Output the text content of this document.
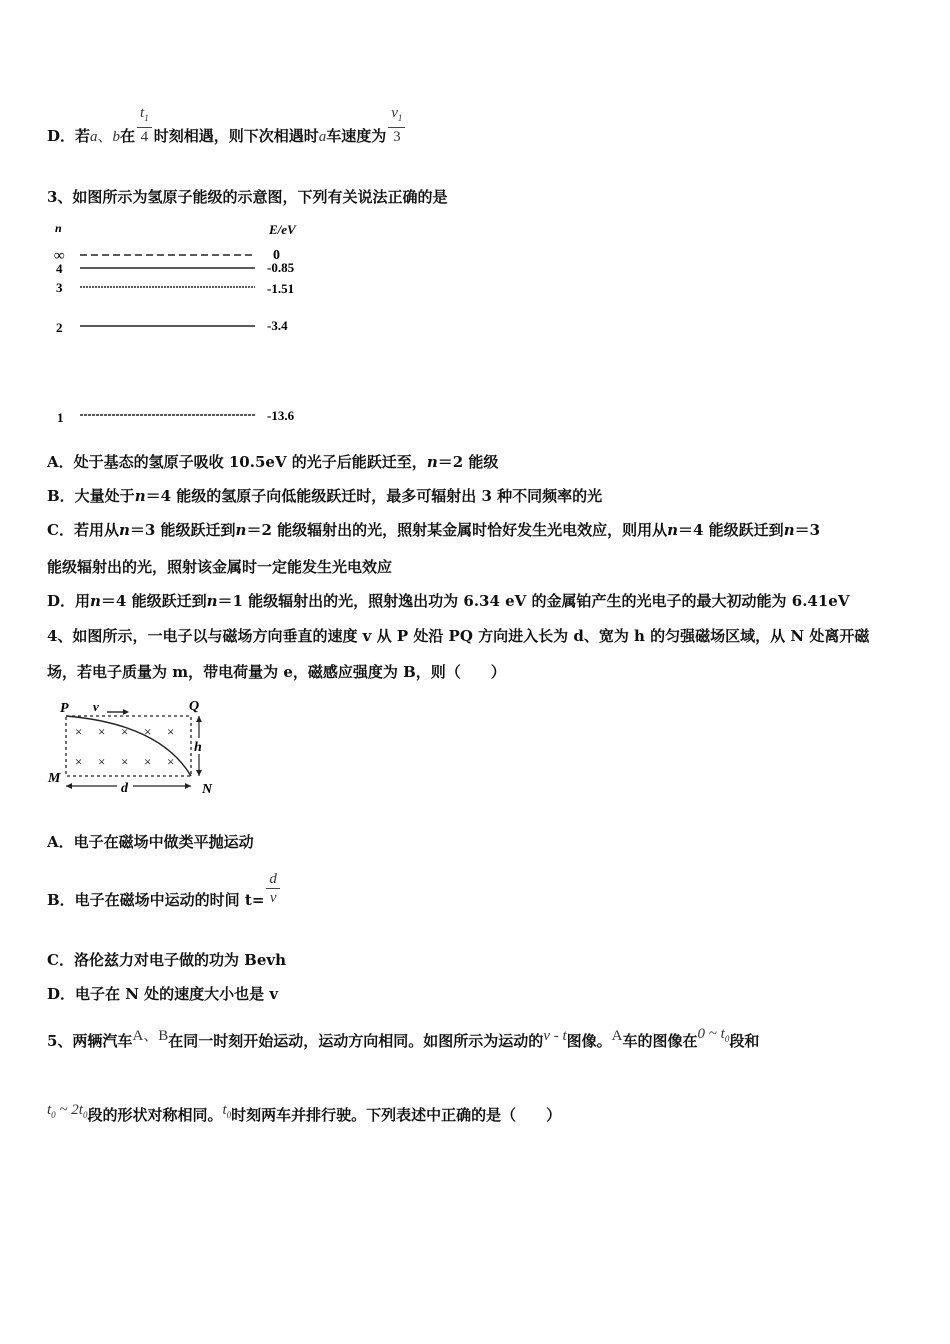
D．若a、b在 $\frac{t_1}{4}$ 时刻相遇，则下次相遇时a车速度为 $\frac{v_1}{3}$
3、如图所示为氢原子能级的示意图，下列有关说法正确的是
n	E/eV
∞	0
4	-0.85
3	-1.51
2	-3.4
1	-13.6
A．处于基态的氢原子吸收 10.5eV 的光子后能跃迁至，n＝2 能级
B．大量处于n＝4 能级的氢原子向低能级跃迁时，最多可辐射出 3 种不同频率的光
C．若用从n＝3 能级跃迁到n＝2 能级辐射出的光，照射某金属时恰好发生光电效应，则用从n＝4 能级跃迁到n＝3
能级辐射出的光，照射该金属时一定能发生光电效应
D．用n＝4 能级跃迁到n＝1 能级辐射出的光，照射逸出功为 6.34 eV 的金属铂产生的光电子的最大初动能为 6.41eV
4、如图所示，一电子以与磁场方向垂直的速度 v 从 P 处沿 PQ 方向进入长为 d、宽为 h 的匀强磁场区域，从 N 处离开磁
场，若电子质量为 m，带电荷量为 e，磁感应强度为 B，则（　　）
P v	Q
× × × × ×
× × × × ×
h
M
d	N
A．电子在磁场中做类平抛运动
B．电子在磁场中运动的时间 $t= \frac{d}{v}$
C．洛伦兹力对电子做的功为 Bevh
D．电子在 N 处的速度大小也是 v
5、两辆汽车A、B在同一时刻开始运动，运动方向相同。如图所示为运动的v - t图像。A车的图像在0 ~ $t_0$段和
$t_0$ ~ $2t_0$段的形状对称相同。$t_0$时刻两车并排行驶。下列表述中正确的是（　　）
